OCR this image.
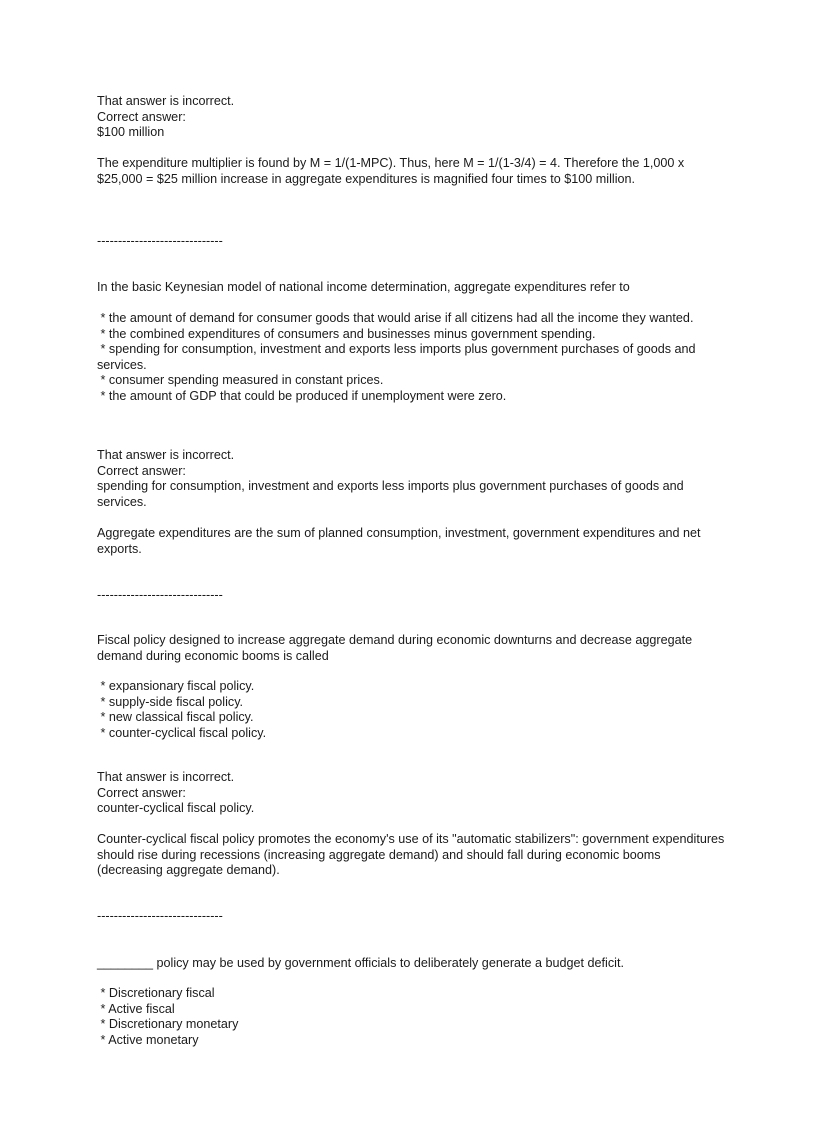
That answer is incorrect.
Correct answer:
$100 million
The expenditure multiplier is found by M = 1/(1-MPC). Thus, here M = 1/(1-3/4) = 4. Therefore the 1,000 x $25,000 = $25 million increase in aggregate expenditures is magnified four times to $100 million.
------------------------------
In the basic Keynesian model of national income determination, aggregate expenditures refer to
* the amount of demand for consumer goods that would arise if all citizens had all the income they wanted.
* the combined expenditures of consumers and businesses minus government spending.
* spending for consumption, investment and exports less imports plus government purchases of goods and services.
* consumer spending measured in constant prices.
* the amount of GDP that could be produced if unemployment were zero.
That answer is incorrect.
Correct answer:
spending for consumption, investment and exports less imports plus government purchases of goods and services.
Aggregate expenditures are the sum of planned consumption, investment, government expenditures and net exports.
------------------------------
Fiscal policy designed to increase aggregate demand during economic downturns and decrease aggregate demand during economic booms is called
* expansionary fiscal policy.
* supply-side fiscal policy.
* new classical fiscal policy.
* counter-cyclical fiscal policy.
That answer is incorrect.
Correct answer:
counter-cyclical fiscal policy.
Counter-cyclical fiscal policy promotes the economy's use of its "automatic stabilizers": government expenditures should rise during recessions (increasing aggregate demand) and should fall during economic booms (decreasing aggregate demand).
------------------------------
________ policy may be used by government officials to deliberately generate a budget deficit.
* Discretionary fiscal
* Active fiscal
* Discretionary monetary
* Active monetary
